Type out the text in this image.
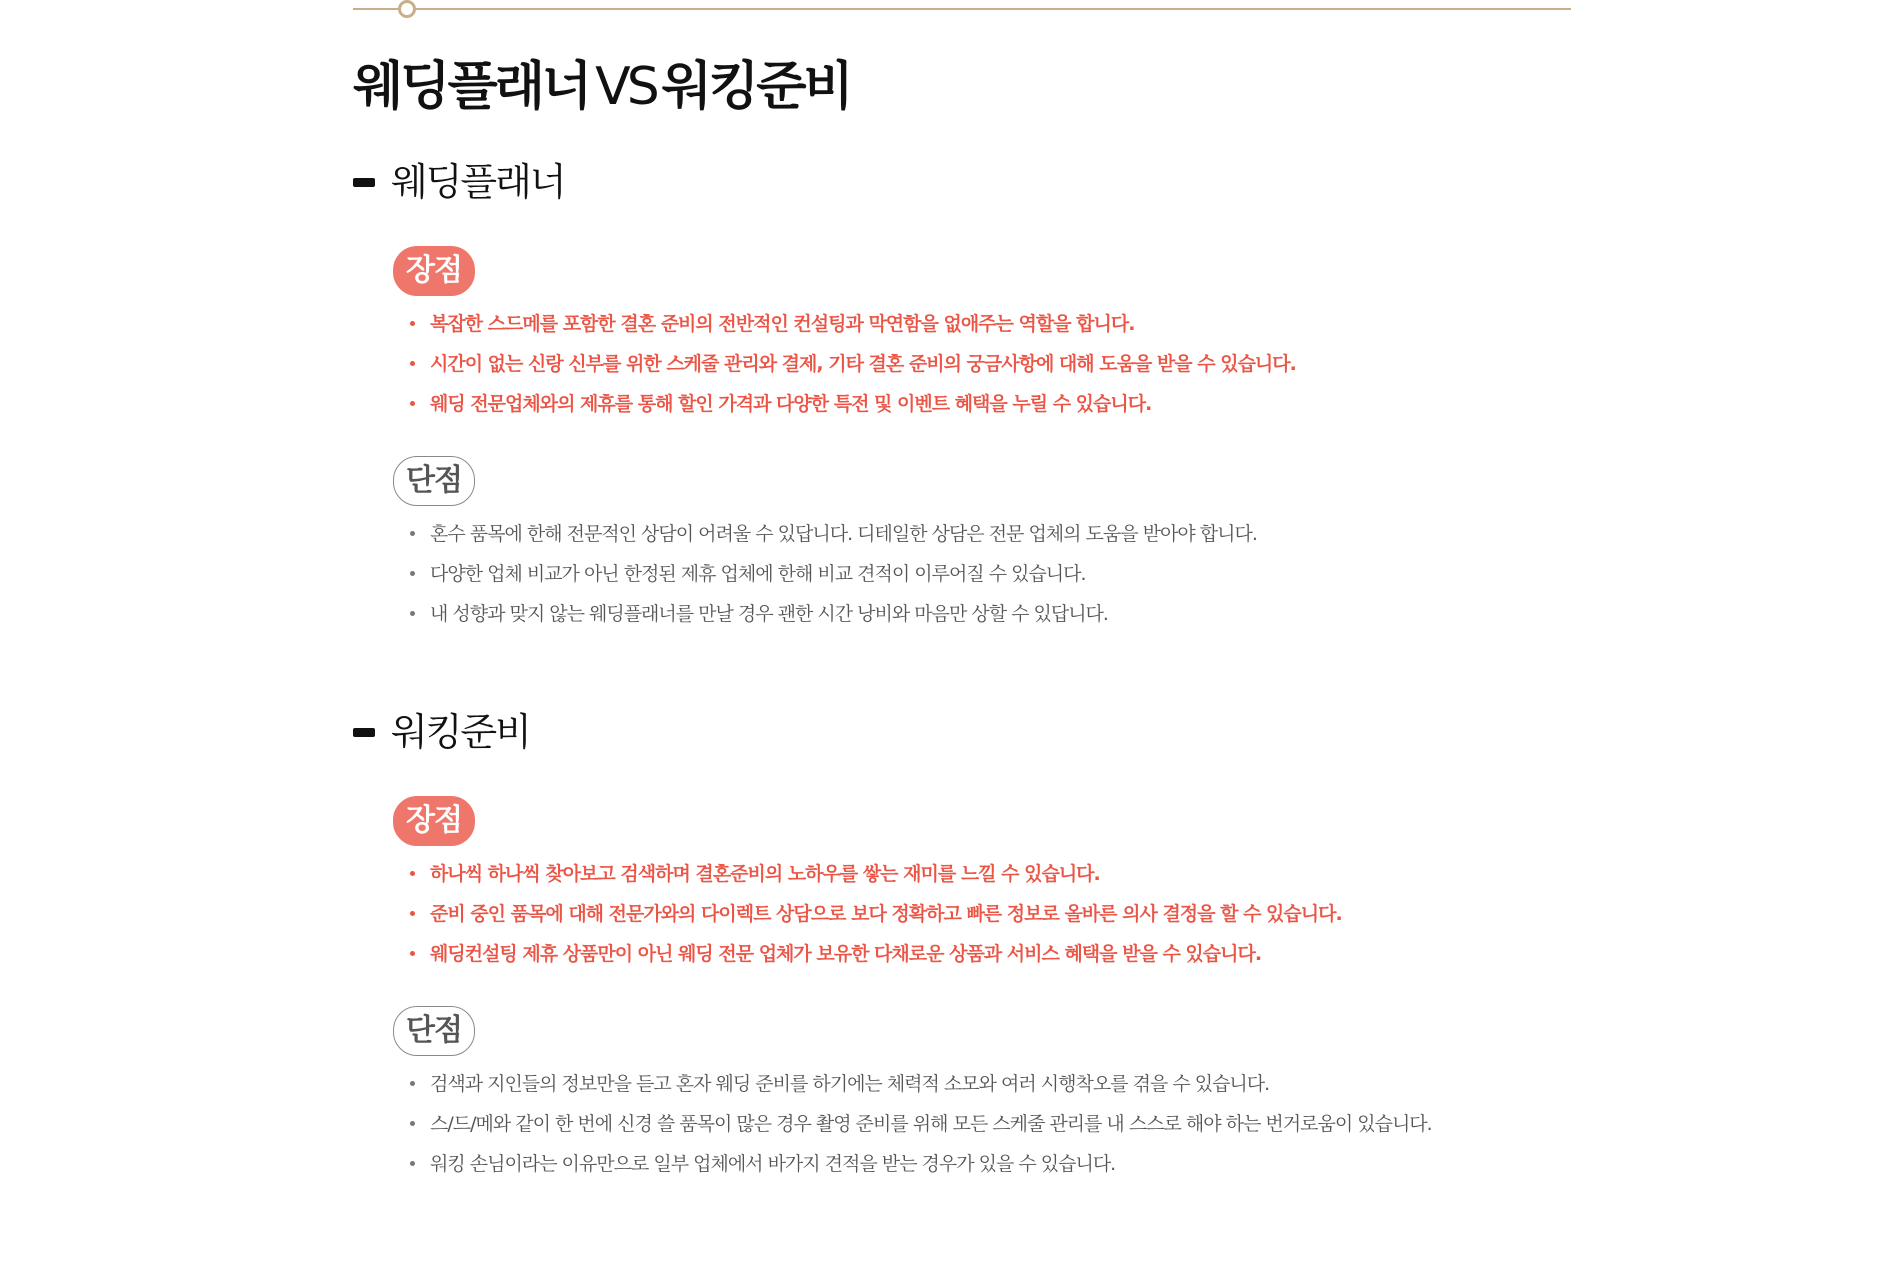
웨딩플래너 VS 워킹준비
웨딩플래너
장점
복잡한 스드메를 포함한 결혼 준비의 전반적인 컨설팅과 막연함을 없애주는 역할을 합니다.
시간이 없는 신랑 신부를 위한 스케줄 관리와 결제, 기타 결혼 준비의 궁금사항에 대해 도움을 받을 수 있습니다.
웨딩 전문업체와의 제휴를 통해 할인 가격과 다양한 특전 및 이벤트 혜택을 누릴 수 있습니다.
단점
혼수 품목에 한해 전문적인 상담이 어려울 수 있답니다. 디테일한 상담은 전문 업체의 도움을 받아야 합니다.
다양한 업체 비교가 아닌 한정된 제휴 업체에 한해 비교 견적이 이루어질 수 있습니다.
내 성향과 맞지 않는 웨딩플래너를 만날 경우 괜한 시간 낭비와 마음만 상할 수 있답니다.
워킹준비
장점
하나씩 하나씩 찾아보고 검색하며 결혼준비의 노하우를 쌓는 재미를 느낄 수 있습니다.
준비 중인 품목에 대해 전문가와의 다이렉트 상담으로 보다 정확하고 빠른 정보로 올바른 의사 결정을 할 수 있습니다.
웨딩컨설팅 제휴 상품만이 아닌 웨딩 전문 업체가 보유한 다채로운 상품과 서비스 혜택을 받을 수 있습니다.
단점
검색과 지인들의 정보만을 듣고 혼자 웨딩 준비를 하기에는 체력적 소모와 여러 시행착오를 겪을 수 있습니다.
스/드/메와 같이 한 번에 신경 쓸 품목이 많은 경우 촬영 준비를 위해 모든 스케줄 관리를 내 스스로 해야 하는 번거로움이 있습니다.
워킹 손님이라는 이유만으로 일부 업체에서 바가지 견적을 받는 경우가 있을 수 있습니다.
